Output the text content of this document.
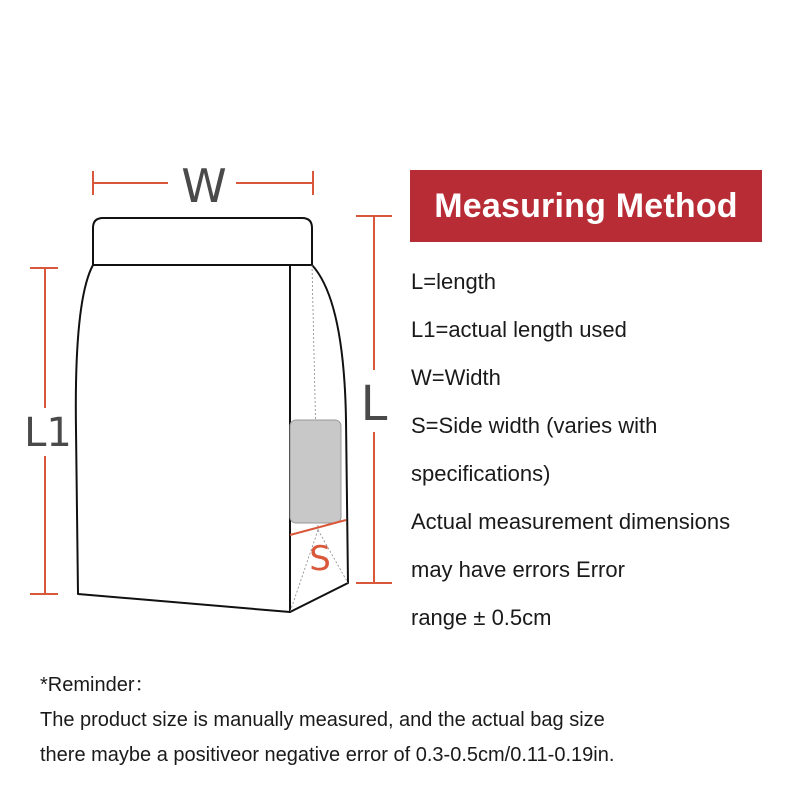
W
L1
L
S
Measuring Method
L=length
L1=actual length used
W=Width
S=Side width (varies with
specifications)
Actual measurement dimensions
may have errors Error
range ± 0.5cm
*Reminder：
The product size is manually measured, and the actual bag size
there maybe a positiveor negative error of 0.3-0.5cm/0.11-0.19in.
